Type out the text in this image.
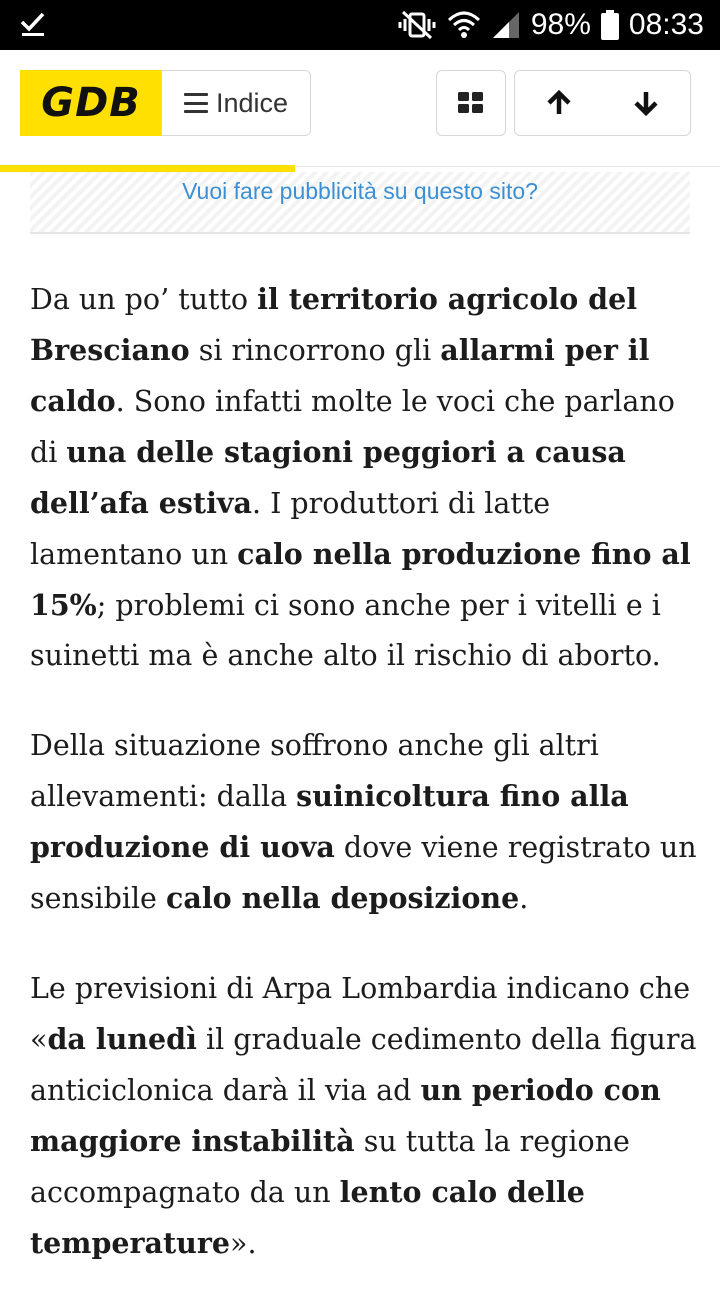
98% 08:33
GDB	Indice
Vuoi fare pubblicità su questo sito?

Da un po’ tutto il territorio agricolo del Bresciano si rincorrono gli allarmi per il caldo. Sono infatti molte le voci che parlano di una delle stagioni peggiori a causa dell’afa estiva. I produttori di latte lamentano un calo nella produzione fino al 15%; problemi ci sono anche per i vitelli e i suinetti ma è anche alto il rischio di aborto.

Della situazione soffrono anche gli altri allevamenti: dalla suinicoltura fino alla produzione di uova dove viene registrato un sensibile calo nella deposizione.

Le previsioni di Arpa Lombardia indicano che «da lunedì il graduale cedimento della figura anticiclonica darà il via ad un periodo con maggiore instabilità su tutta la regione accompagnato da un lento calo delle temperature».
